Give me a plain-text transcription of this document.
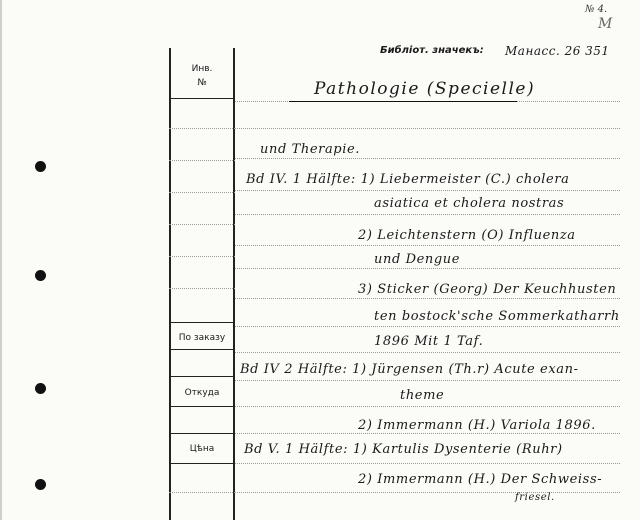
№ 4.
M
Библіот. значекъ: Манасс. 26 351
Инв.
№
По заказу
Откуда
Цѣна
Pathologie (Specielle)
und Therapie.
Bd IV. 1 Hälfte: 1) Liebermeister (C.) cholera
asiatica et cholera nostras
2) Leichtenstern (O) Influenza
und Dengue
3) Sticker (Georg) Der Keuchhusten
ten bostock'sche Sommerkatharrh
1896 Mit 1 Taf.
Bd IV 2 Hälfte: 1) Jürgensen (Th.r) Acute exan-
theme
2) Immermann (H.) Variola 1896.
Bd V. 1 Hälfte: 1) Kartulis Dysenterie (Ruhr)
2) Immermann (H.) Der Schweiss-
friesel.
